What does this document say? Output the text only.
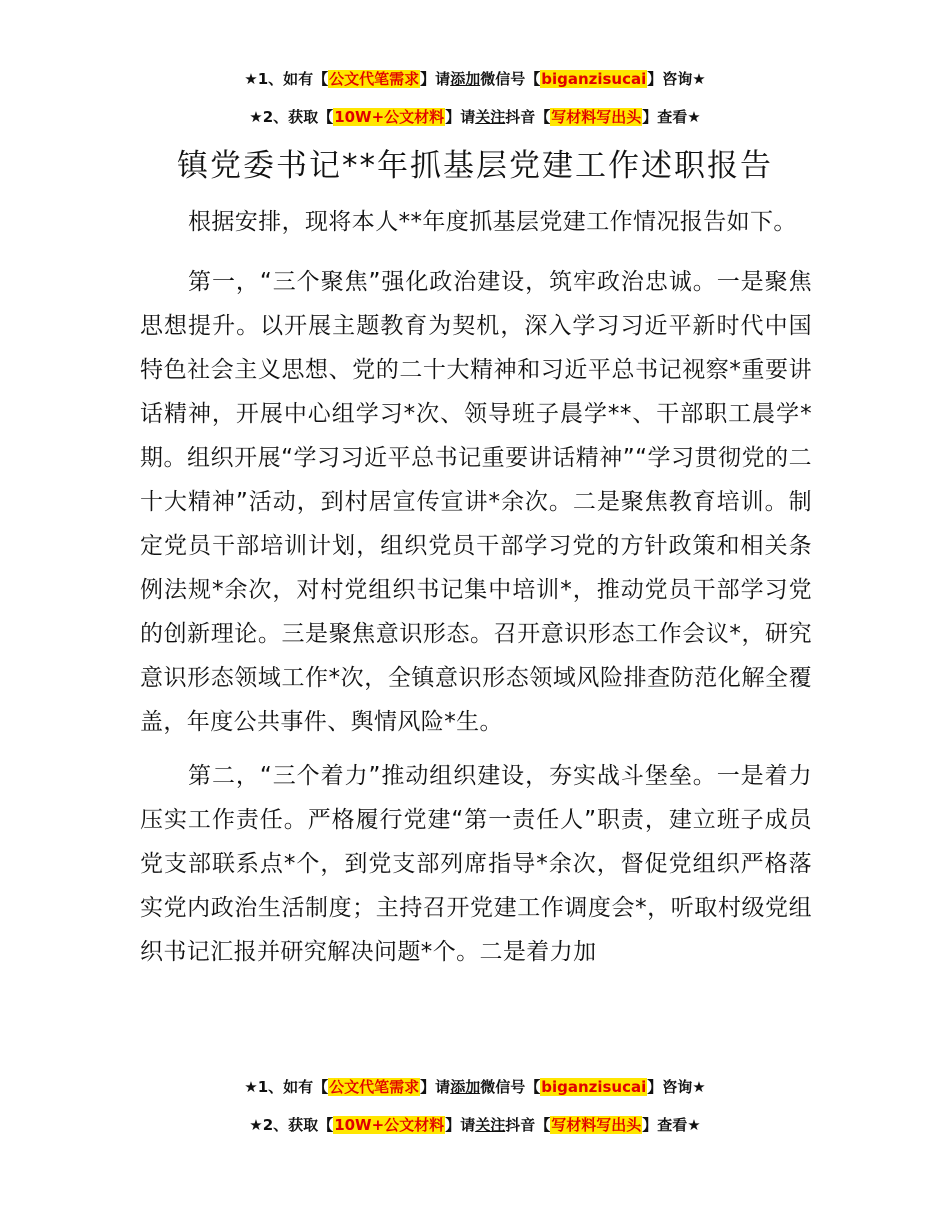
★1、如有【公文代笔需求】请添加微信号【biganzisucai】咨询★
★2、获取【10W+公文材料】请关注抖音【写材料写出头】查看★
镇党委书记**年抓基层党建工作述职报告

根据安排，现将本人**年度抓基层党建工作情况报告如下。

第一，“三个聚焦”强化政治建设，筑牢政治忠诚。一是聚焦思想提升。以开展主题教育为契机，深入学习习近平新时代中国特色社会主义思想、党的二十大精神和习近平总书记视察*重要讲话精神，开展中心组学习*次、领导班子晨学**、干部职工晨学*期。组织开展“学习习近平总书记重要讲话精神”“学习贯彻党的二十大精神”活动，到村居宣传宣讲*余次。二是聚焦教育培训。制定党员干部培训计划，组织党员干部学习党的方针政策和相关条例法规*余次，对村党组织书记集中培训*，推动党员干部学习党的创新理论。三是聚焦意识形态。召开意识形态工作会议*，研究意识形态领域工作*次，全镇意识形态领域风险排查防范化解全覆盖，年度公共事件、舆情风险*生。

第二，“三个着力”推动组织建设，夯实战斗堡垒。一是着力压实工作责任。严格履行党建“第一责任人”职责，建立班子成员党支部联系点*个，到党支部列席指导*余次，督促党组织严格落实党内政治生活制度；主持召开党建工作调度会*，听取村级党组织书记汇报并研究解决问题*个。二是着力加

★1、如有【公文代笔需求】请添加微信号【biganzisucai】咨询★
★2、获取【10W+公文材料】请关注抖音【写材料写出头】查看★
